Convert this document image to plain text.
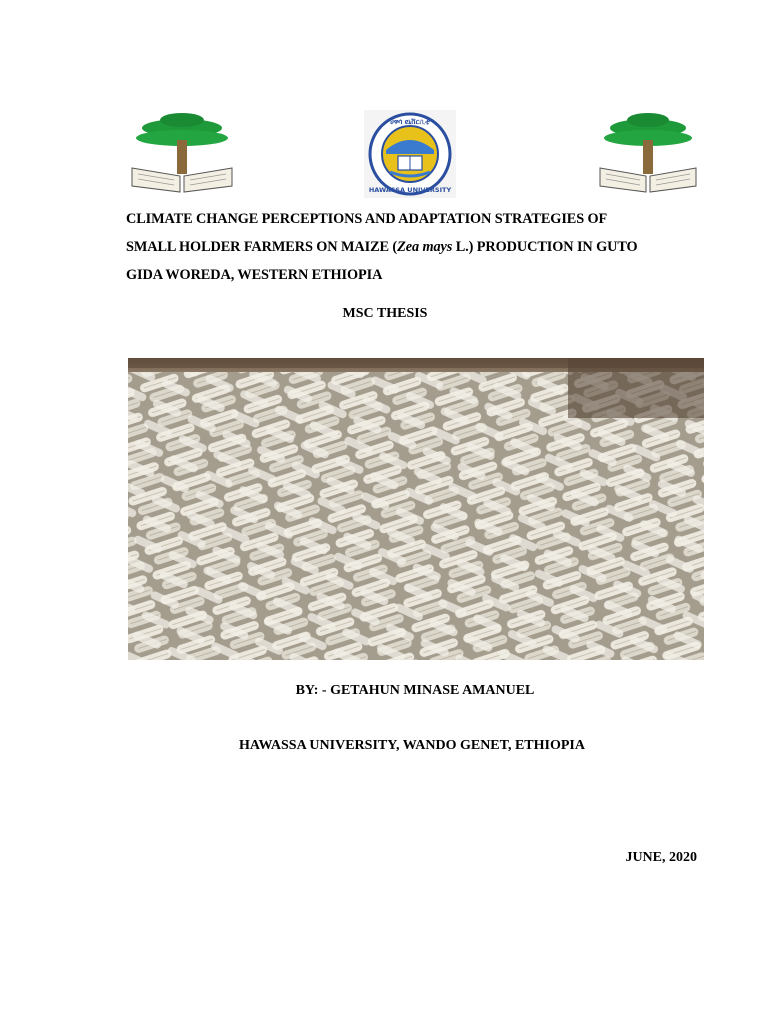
ሀዋሳ ዩኒቨርሲቲ
HAWASSA UNIVERSITY
CLIMATE CHANGE PERCEPTIONS AND ADAPTATION STRATEGIES OF
SMALL HOLDER FARMERS ON MAIZE (Zea mays L.) PRODUCTION IN GUTO
GIDA WOREDA, WESTERN ETHIOPIA
MSC THESIS
BY: - GETAHUN MINASE AMANUEL
HAWASSA UNIVERSITY, WANDO GENET, ETHIOPIA
JUNE, 2020
